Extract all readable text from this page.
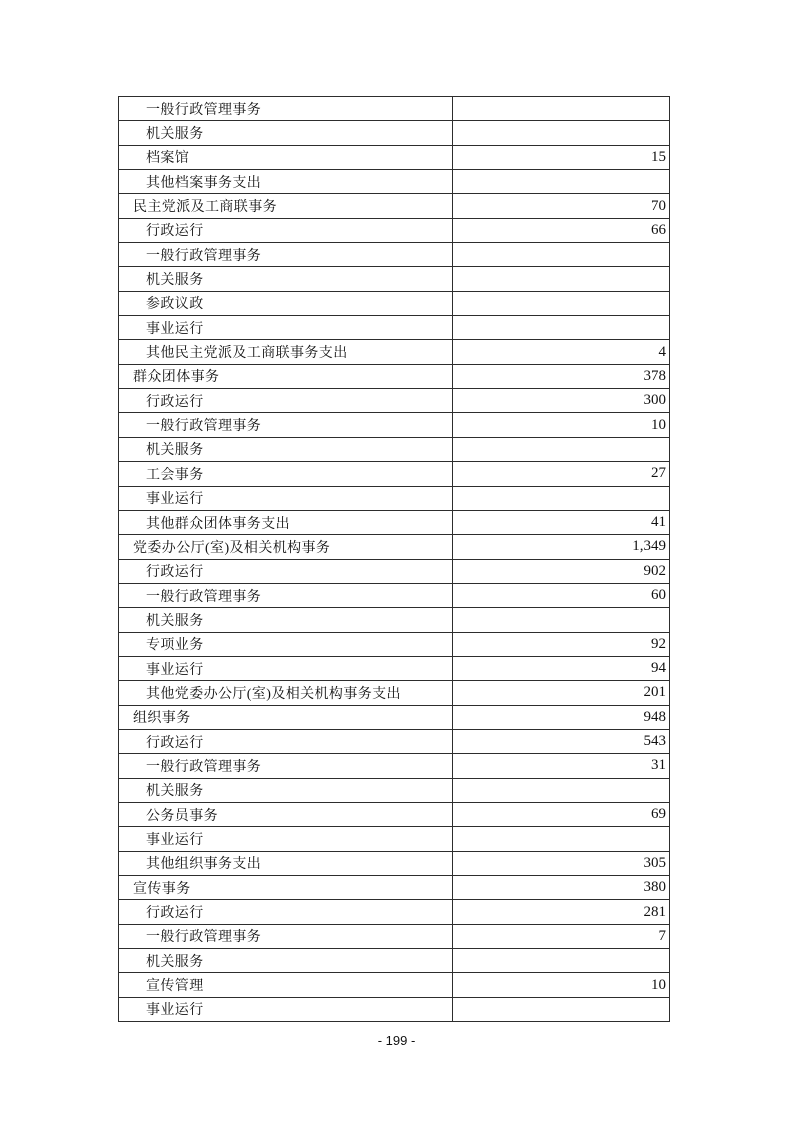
一般行政管理事务
机关服务
档案馆	15
其他档案事务支出
民主党派及工商联事务	70
行政运行	66
一般行政管理事务
机关服务
参政议政
事业运行
其他民主党派及工商联事务支出	4
群众团体事务	378
行政运行	300
一般行政管理事务	10
机关服务
工会事务	27
事业运行
其他群众团体事务支出	41
党委办公厅(室)及相关机构事务	1,349
行政运行	902
一般行政管理事务	60
机关服务
专项业务	92
事业运行	94
其他党委办公厅(室)及相关机构事务支出	201
组织事务	948
行政运行	543
一般行政管理事务	31
机关服务
公务员事务	69
事业运行
其他组织事务支出	305
宣传事务	380
行政运行	281
一般行政管理事务	7
机关服务
宣传管理	10
事业运行
- 199 -
